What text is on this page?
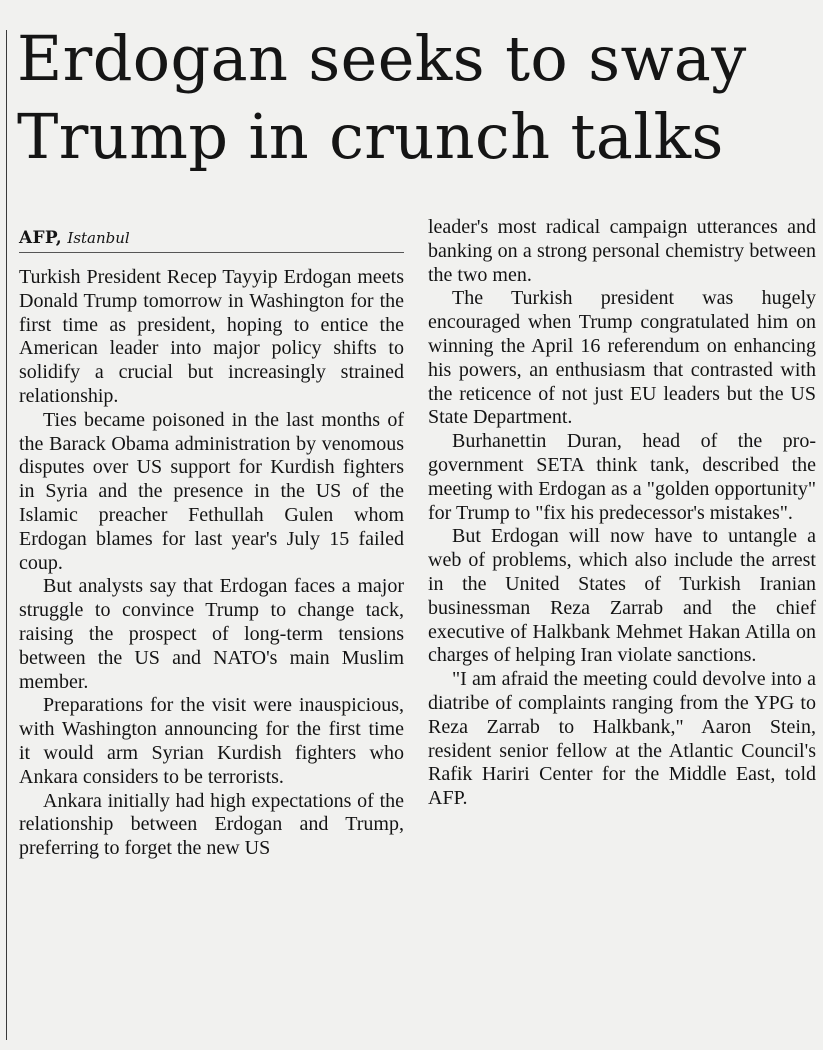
Erdogan seeks to sway
Trump in crunch talks
AFP, Istanbul

Turkish President Recep Tayyip Erdogan meets Donald Trump tomorrow in Washington for the first time as president, hoping to entice the American leader into major policy shifts to solidify a crucial but increasingly strained relationship.

Ties became poisoned in the last months of the Barack Obama administration by venomous disputes over US support for Kurdish fighters in Syria and the presence in the US of the Islamic preacher Fethullah Gulen whom Erdogan blames for last year's July 15 failed coup.

But analysts say that Erdogan faces a major struggle to convince Trump to change tack, raising the prospect of long-term tensions between the US and NATO's main Muslim member.

Preparations for the visit were inauspicious, with Washington announcing for the first time it would arm Syrian Kurdish fighters who Ankara considers to be terrorists.

Ankara initially had high expectations of the relationship between Erdogan and Trump, preferring to forget the new US

leader's most radical campaign utterances and banking on a strong personal chemistry between the two men.

The Turkish president was hugely encouraged when Trump congratulated him on winning the April 16 referendum on enhancing his powers, an enthusiasm that contrasted with the reticence of not just EU leaders but the US State Department.

Burhanettin Duran, head of the pro-government SETA think tank, described the meeting with Erdogan as a "golden opportunity" for Trump to "fix his predecessor's mistakes".

But Erdogan will now have to untangle a web of problems, which also include the arrest in the United States of Turkish Iranian businessman Reza Zarrab and the chief executive of Halkbank Mehmet Hakan Atilla on charges of helping Iran violate sanctions.

"I am afraid the meeting could devolve into a diatribe of complaints ranging from the YPG to Reza Zarrab to Halkbank," Aaron Stein, resident senior fellow at the Atlantic Council's Rafik Hariri Center for the Middle East, told AFP.
